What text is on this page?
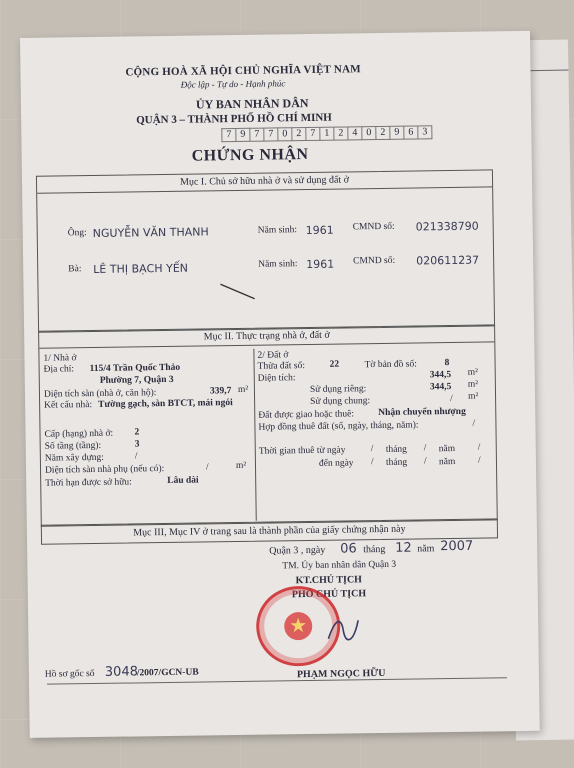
CỘNG HOÀ XÃ HỘI CHỦ NGHĨA VIỆT NAM
Độc lập - Tự do - Hạnh phúc
ỦY BAN NHÂN DÂN
QUẬN 3 – THÀNH PHỐ HỒ CHÍ MINH
7 9 7 7 0 2 7 1 2 4 0 2 9 6 3
CHỨNG NHẬN
Mục I. Chủ sở hữu nhà ở và sử dụng đất ở
Ông: NGUYỄN VĂN THANH	Năm sinh: 1961 CMND số: 021338790
Bà: LÊ THỊ BẠCH YẾN	Năm sinh: 1961 CMND số: 020611237
Mục II. Thực trạng nhà ở, đất ở
1/ Nhà ở
Địa chỉ: 115/4 Trần Quốc Thảo
Phường 7, Quận 3
Diện tích sàn (nhà ở, căn hộ):	339,7 m²
Kết cấu nhà: Tường gạch, sàn BTCT, mái ngói
Cấp (hạng) nhà ở: 2
Số tầng (tầng):	3
Năm xây dựng:	/
Diện tích sàn nhà phụ (nếu có):	/	m²
Thời hạn được sở hữu:	Lâu dài
2/ Đất ở
Thửa đất số:	22	Tờ bản đồ số:	8
Diện tích:	344,5 m²
Sử dụng riêng:	344,5 m²
Sử dụng chung:	/ m²
Đất được giao hoặc thuê:	Nhận chuyển nhượng
Hợp đồng thuê đất (số, ngày, tháng, năm):	/
Thời gian thuê từ ngày	/ tháng / năm /
đến ngày / tháng / năm /
Mục III, Mục IV ở trang sau là thành phần của giấy chứng nhận này
Quận 3 , ngày 06 tháng 12 năm 2007
TM. Ủy ban nhân dân Quận 3
KT.CHỦ TỊCH
PHÓ CHỦ TỊCH
★
Hồ sơ gốc số 3048
/2007/GCN-UB	PHẠM NGỌC HỮU
